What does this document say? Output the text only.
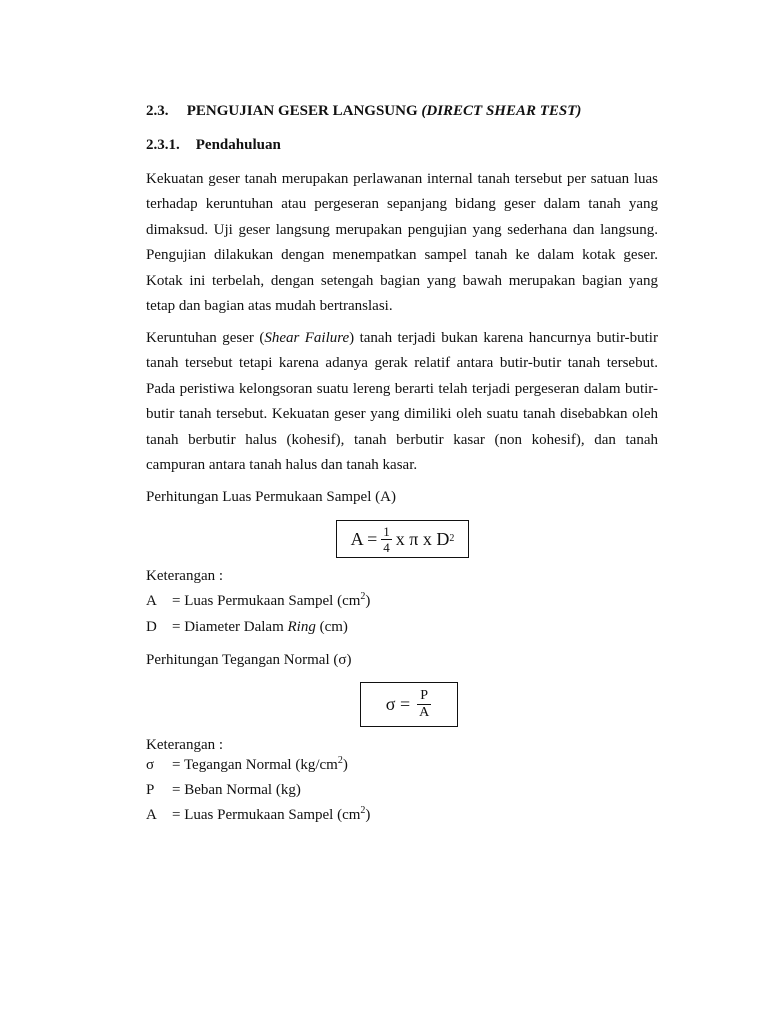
2.3. PENGUJIAN GESER LANGSUNG (DIRECT SHEAR TEST)
2.3.1. Pendahuluan

Kekuatan geser tanah merupakan perlawanan internal tanah tersebut per satuan luas terhadap keruntuhan atau pergeseran sepanjang bidang geser dalam tanah yang dimaksud. Uji geser langsung merupakan pengujian yang sederhana dan langsung. Pengujian dilakukan dengan menempatkan sampel tanah ke dalam kotak geser. Kotak ini terbelah, dengan setengah bagian yang bawah merupakan bagian yang tetap dan bagian atas mudah bertranslasi.

Keruntuhan geser (Shear Failure) tanah terjadi bukan karena hancurnya butir-butir tanah tersebut tetapi karena adanya gerak relatif antara butir-butir tanah tersebut. Pada peristiwa kelongsoran suatu lereng berarti telah terjadi pergeseran dalam butir-butir tanah tersebut. Kekuatan geser yang dimiliki oleh suatu tanah disebabkan oleh tanah berbutir halus (kohesif), tanah berbutir kasar (non kohesif), dan tanah campuran antara tanah halus dan tanah kasar.

Perhitungan Luas Permukaan Sampel (A)
$A = \frac{1}{4}$ x π x D 2
Keterangan :
A = Luas Permukaan Sampel $(cm^2)$
D = Diameter Dalam Ring (cm)
Perhitungan Tegangan Normal (σ)
$\sigma = \frac{P}{A}$
Keterangan :
σ = Tegangan Normal $(kg/cm^2)$
P = Beban Normal (kg)
A = Luas Permukaan Sampel $(cm^2)$
